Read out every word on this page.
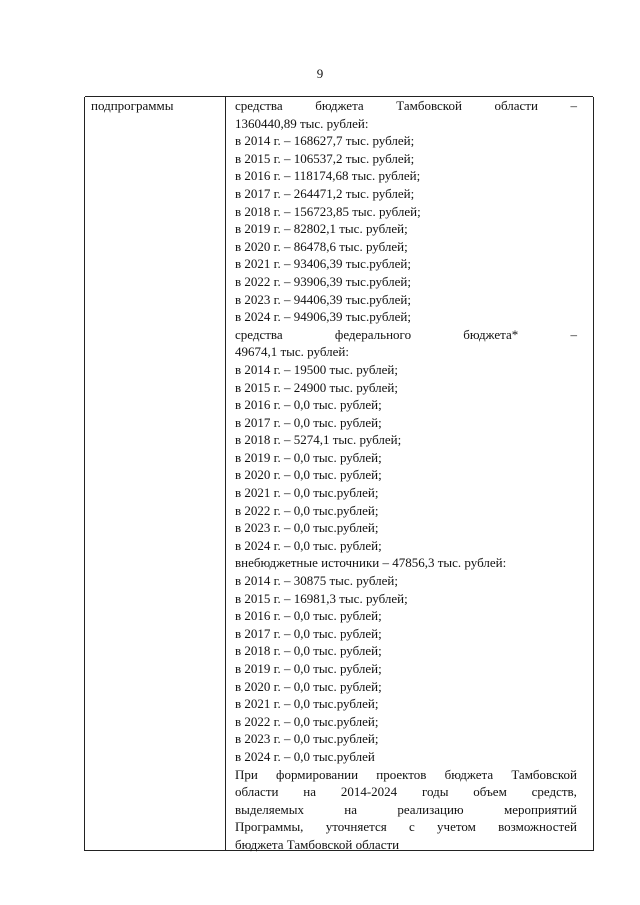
9
подпрограммы	средства	бюджета	Тамбовской	области	–
1360440,89 тыс. рублей:
в 2014 г. – 168627,7 тыс. рублей;
в 2015 г. – 106537,2 тыс. рублей;
в 2016 г. – 118174,68 тыс. рублей;
в 2017 г. – 264471,2 тыс. рублей;
в 2018 г. – 156723,85 тыс. рублей;
в 2019 г. – 82802,1 тыс. рублей;
в 2020 г. – 86478,6 тыс. рублей;
в 2021 г. – 93406,39 тыс.рублей;
в 2022 г. – 93906,39 тыс.рублей;
в 2023 г. – 94406,39 тыс.рублей;
в 2024 г. – 94906,39 тыс.рублей;
средства	федерального	бюджета*	–
49674,1 тыс. рублей:
в 2014 г. – 19500 тыс. рублей;
в 2015 г. – 24900 тыс. рублей;
в 2016 г. – 0,0 тыс. рублей;
в 2017 г. – 0,0 тыс. рублей;
в 2018 г. – 5274,1 тыс. рублей;
в 2019 г. – 0,0 тыс. рублей;
в 2020 г. – 0,0 тыс. рублей;
в 2021 г. – 0,0 тыс.рублей;
в 2022 г. – 0,0 тыс.рублей;
в 2023 г. – 0,0 тыс.рублей;
в 2024 г. – 0,0 тыс. рублей;
внебюджетные источники – 47856,3 тыс. рублей:
в 2014 г. – 30875 тыс. рублей;
в 2015 г. – 16981,3 тыс. рублей;
в 2016 г. – 0,0 тыс. рублей;
в 2017 г. – 0,0 тыс. рублей;
в 2018 г. – 0,0 тыс. рублей;
в 2019 г. – 0,0 тыс. рублей;
в 2020 г. – 0,0 тыс. рублей;
в 2021 г. – 0,0 тыс.рублей;
в 2022 г. – 0,0 тыс.рублей;
в 2023 г. – 0,0 тыс.рублей;
в 2024 г. – 0,0 тыс.рублей
При формировании проектов бюджета Тамбовской
области на 2014-2024 годы объем средств,
выделяемых	на	реализацию	мероприятий
Программы, уточняется с учетом возможностей
бюджета Тамбовской области
